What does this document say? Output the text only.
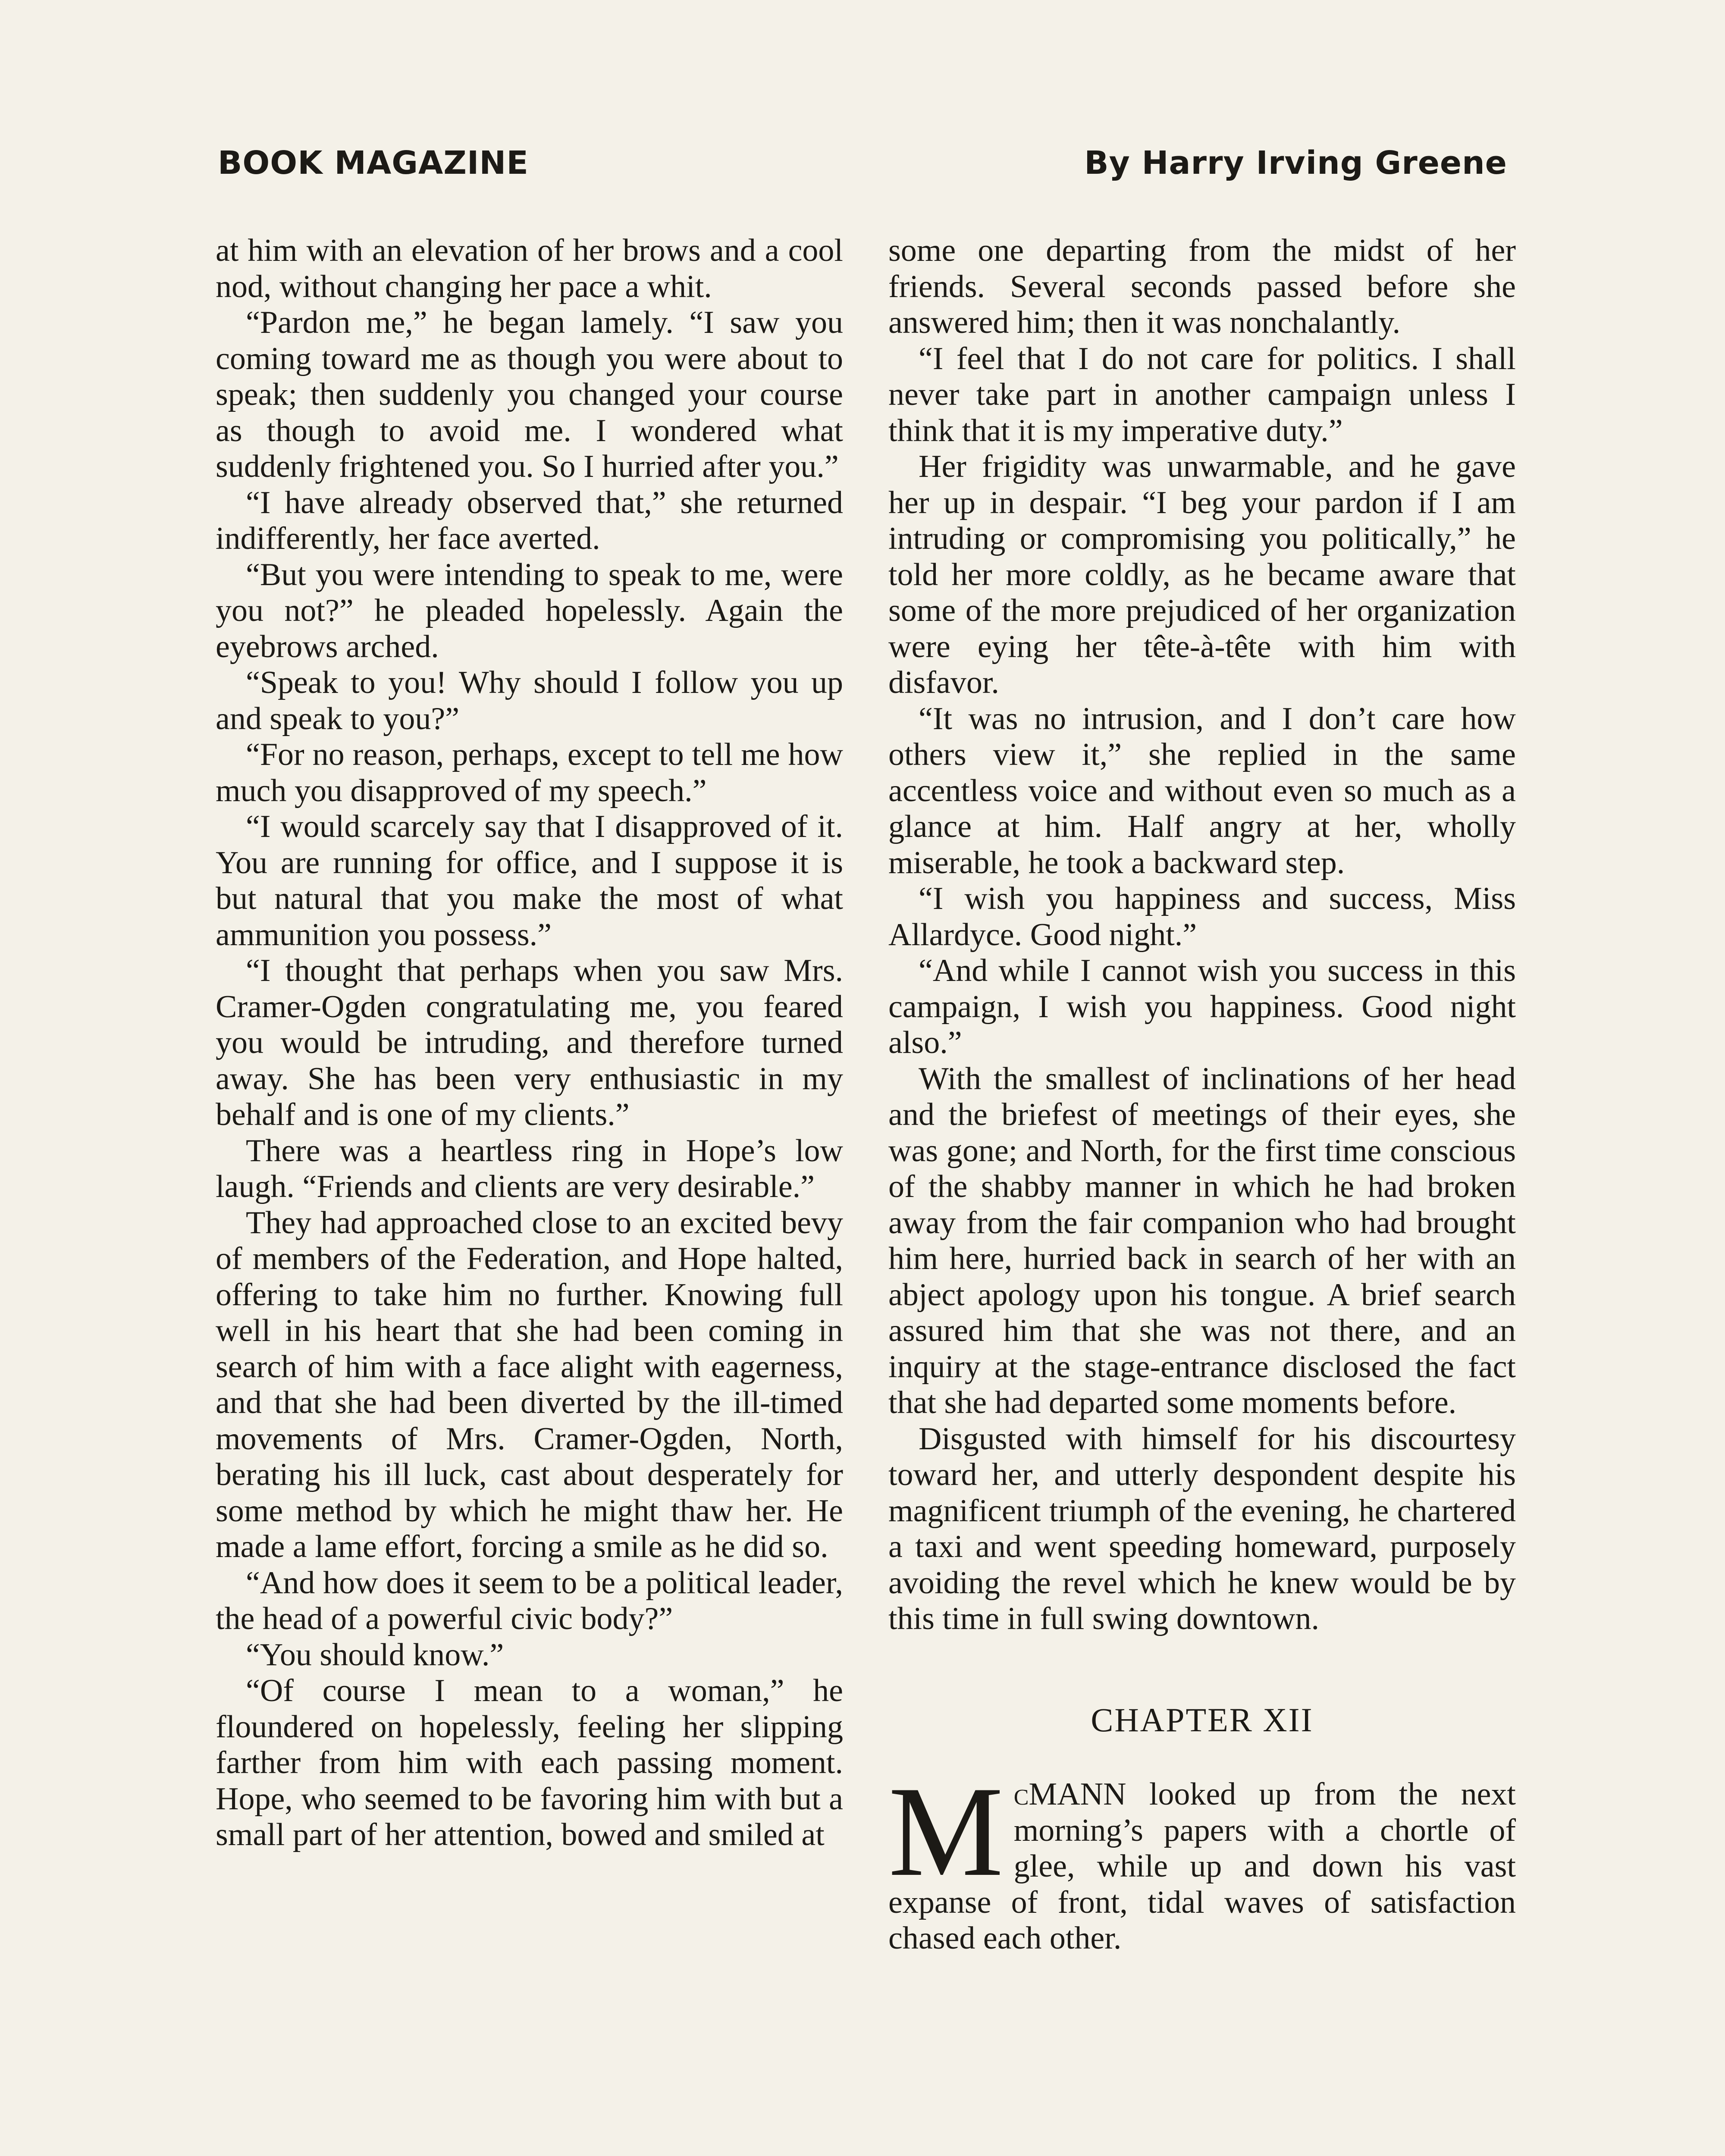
BOOK MAGAZINE	By Harry Irving Greene

at him with an elevation of her brows and a cool nod, without changing her pace a whit.

“Pardon me,” he began lamely. “I saw you coming toward me as though you were about to speak; then suddenly you changed your course as though to avoid me. I wondered what suddenly frightened you. So I hurried after you.”

“I have already observed that,” she returned indifferently, her face averted.

“But you were intending to speak to me, were you not?” he pleaded hopelessly. Again the eyebrows arched.

“Speak to you! Why should I follow you up and speak to you?”

“For no reason, perhaps, except to tell me how much you disapproved of my speech.”

“I would scarcely say that I disapproved of it. You are running for office, and I suppose it is but natural that you make the most of what ammunition you possess.”

“I thought that perhaps when you saw Mrs. Cramer-Ogden congratulating me, you feared you would be intruding, and therefore turned away. She has been very enthusiastic in my behalf and is one of my clients.”

There was a heartless ring in Hope’s low laugh. “Friends and clients are very desirable.”

They had approached close to an excited bevy of members of the Federation, and Hope halted, offering to take him no further. Knowing full well in his heart that she had been coming in search of him with a face alight with eagerness, and that she had been diverted by the ill-timed movements of Mrs. Cramer-Ogden, North, berating his ill luck, cast about desperately for some method by which he might thaw her. He made a lame effort, forcing a smile as he did so.

“And how does it seem to be a political leader, the head of a powerful civic body?”

“You should know.”

“Of course I mean to a woman,” he floundered on hopelessly, feeling her slipping farther from him with each passing moment. Hope, who seemed to be favoring him with but a small part of her attention, bowed and smiled at

some one departing from the midst of her friends. Several seconds passed before she answered him; then it was nonchalantly.

“I feel that I do not care for politics. I shall never take part in another campaign unless I think that it is my imperative duty.”

Her frigidity was unwarmable, and he gave her up in despair. “I beg your pardon if I am intruding or compromising you politically,” he told her more coldly, as he became aware that some of the more prejudiced of her organization were eying her tête-à-tête with him with disfavor.

“It was no intrusion, and I don’t care how others view it,” she replied in the same accentless voice and without even so much as a glance at him. Half angry at her, wholly miserable, he took a backward step.

“I wish you happiness and success, Miss Allardyce. Good night.”

“And while I cannot wish you success in this campaign, I wish you happiness. Good night also.”

With the smallest of inclinations of her head and the briefest of meetings of their eyes, she was gone; and North, for the first time conscious of the shabby manner in which he had broken away from the fair companion who had brought him here, hurried back in search of her with an abject apology upon his tongue. A brief search assured him that she was not there, and an inquiry at the stage-entrance disclosed the fact that she had departed some moments before.

Disgusted with himself for his discourtesy toward her, and utterly despondent despite his magnificent triumph of the evening, he chartered a taxi and went speeding homeward, purposely avoiding the revel which he knew would be by this time in full swing downtown.

CHAPTER XII

McMANN looked up from the next morning’s papers with a chortle of glee, while up and down his vast expanse of front, tidal waves of satisfaction chased each other.
